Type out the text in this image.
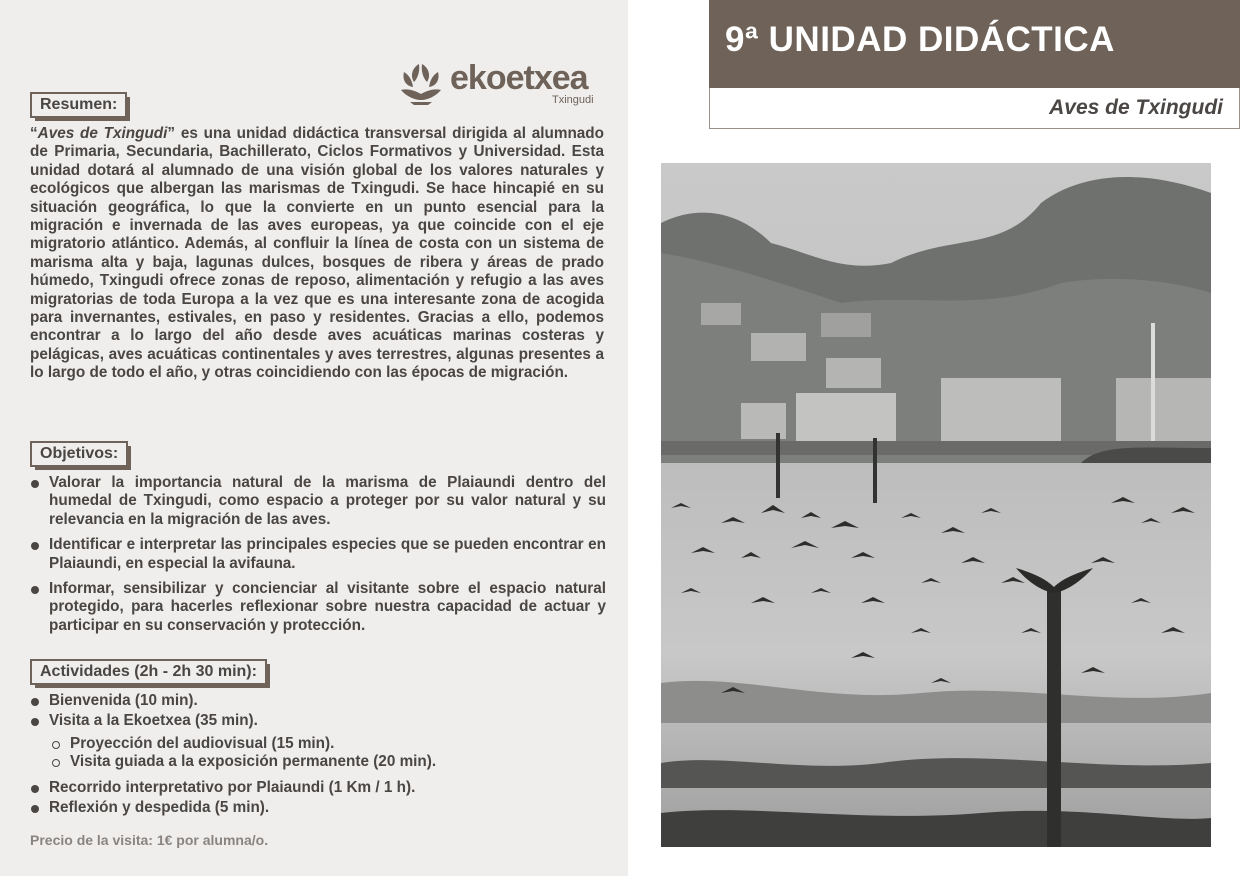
ekoetxea
Txingudi
Resumen:
“Aves de Txingudi” es una unidad didáctica transversal dirigida al alumnado de Primaria, Secundaria, Bachillerato, Ciclos Formativos y Universidad. Esta unidad dotará al alumnado de una visión global de los valores naturales y ecológicos que albergan las marismas de Txingudi. Se hace hincapié en su situación geográfica, lo que la convierte en un punto esencial para la migración e invernada de las aves europeas, ya que coincide con el eje migratorio atlántico. Además, al confluir la línea de costa con un sistema de marisma alta y baja, lagunas dulces, bosques de ribera y áreas de prado húmedo, Txingudi ofrece zonas de reposo, alimentación y refugio a las aves migratorias de toda Europa a la vez que es una interesante zona de acogida para invernantes, estivales, en paso y residentes. Gracias a ello, podemos encontrar a lo largo del año desde aves acuáticas marinas costeras y pelágicas, aves acuáticas continentales y aves terrestres, algunas presentes a lo largo de todo el año, y otras coincidiendo con las épocas de migración.
Objetivos:
Valorar la importancia natural de la marisma de Plaiaundi dentro del humedal de Txingudi, como espacio a proteger por su valor natural y su relevancia en la migración de las aves.
Identificar e interpretar las principales especies que se pueden encontrar en Plaiaundi, en especial la avifauna.
Informar, sensibilizar y concienciar al visitante sobre el espacio natural protegido, para hacerles reflexionar sobre nuestra capacidad de actuar y participar en su conservación y protección.
Actividades (2h - 2h 30 min):
Bienvenida (10 min).
Visita a la Ekoetxea (35 min).
Proyección del audiovisual (15 min).
Visita guiada a la exposición permanente (20 min).
Recorrido interpretativo por Plaiaundi (1 Km / 1 h).
Reflexión y despedida (5 min).
Precio de la visita: 1€ por alumna/o.
9ª UNIDAD DIDÁCTICA
Aves de Txingudi
